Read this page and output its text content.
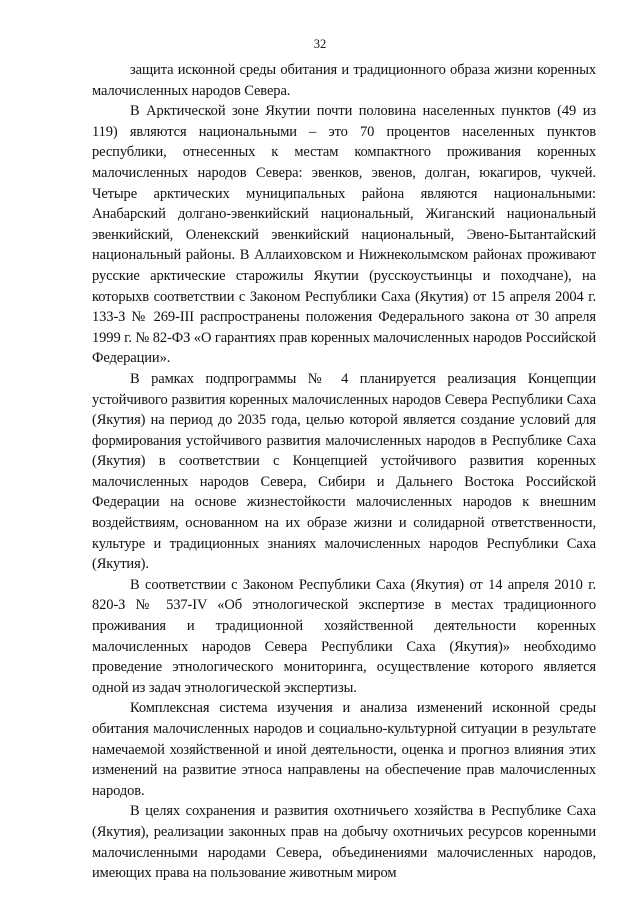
32

защита исконной среды обитания и традиционного образа жизни коренных малочисленных народов Севера.

В Арктической зоне Якутии почти половина населенных пунктов (49 из 119) являются национальными – это 70 процентов населенных пунктов республики, отнесенных к местам компактного проживания коренных малочисленных народов Севера: эвенков, эвенов, долган, юкагиров, чукчей. Четыре арктических муниципальных района являются национальными: Анабарский долгано-эвенкийский национальный, Жиганский национальный эвенкийский, Оленекский эвенкийский национальный, Эвено-Бытантайский национальный районы. В Аллаиховском и Нижнеколымском районах проживают русские арктические старожилы Якутии (русскоустьинцы и походчане), на которыхв соответствии с Законом Республики Саха (Якутия) от 15 апреля 2004 г. 133-З № 269-III распространены положения Федерального закона от 30 апреля 1999 г. № 82-ФЗ «О гарантиях прав коренных малочисленных народов Российской Федерации».

В рамках подпрограммы № 4 планируется реализация Концепции устойчивого развития коренных малочисленных народов Севера Республики Саха (Якутия) на период до 2035 года, целью которой является создание условий для формирования устойчивого развития малочисленных народов в Республике Саха (Якутия) в соответствии с Концепцией устойчивого развития коренных малочисленных народов Севера, Сибири и Дальнего Востока Российской Федерации на основе жизнестойкости малочисленных народов к внешним воздействиям, основанном на их образе жизни и солидарной ответственности, культуре и традиционных знаниях малочисленных народов Республики Саха (Якутия).

В соответствии с Законом Республики Саха (Якутия) от 14 апреля 2010 г. 820-З № 537-IV «Об этнологической экспертизе в местах традиционного проживания и традиционной хозяйственной деятельности коренных малочисленных народов Севера Республики Саха (Якутия)» необходимо проведение этнологического мониторинга, осуществление которого является одной из задач этнологической экспертизы.

Комплексная система изучения и анализа изменений исконной среды обитания малочисленных народов и социально-культурной ситуации в результате намечаемой хозяйственной и иной деятельности, оценка и прогноз влияния этих изменений на развитие этноса направлены на обеспечение прав малочисленных народов.

В целях сохранения и развития охотничьего хозяйства в Республике Саха (Якутия), реализации законных прав на добычу охотничьих ресурсов коренными малочисленными народами Севера, объединениями малочисленных народов, имеющих права на пользование животным миром
